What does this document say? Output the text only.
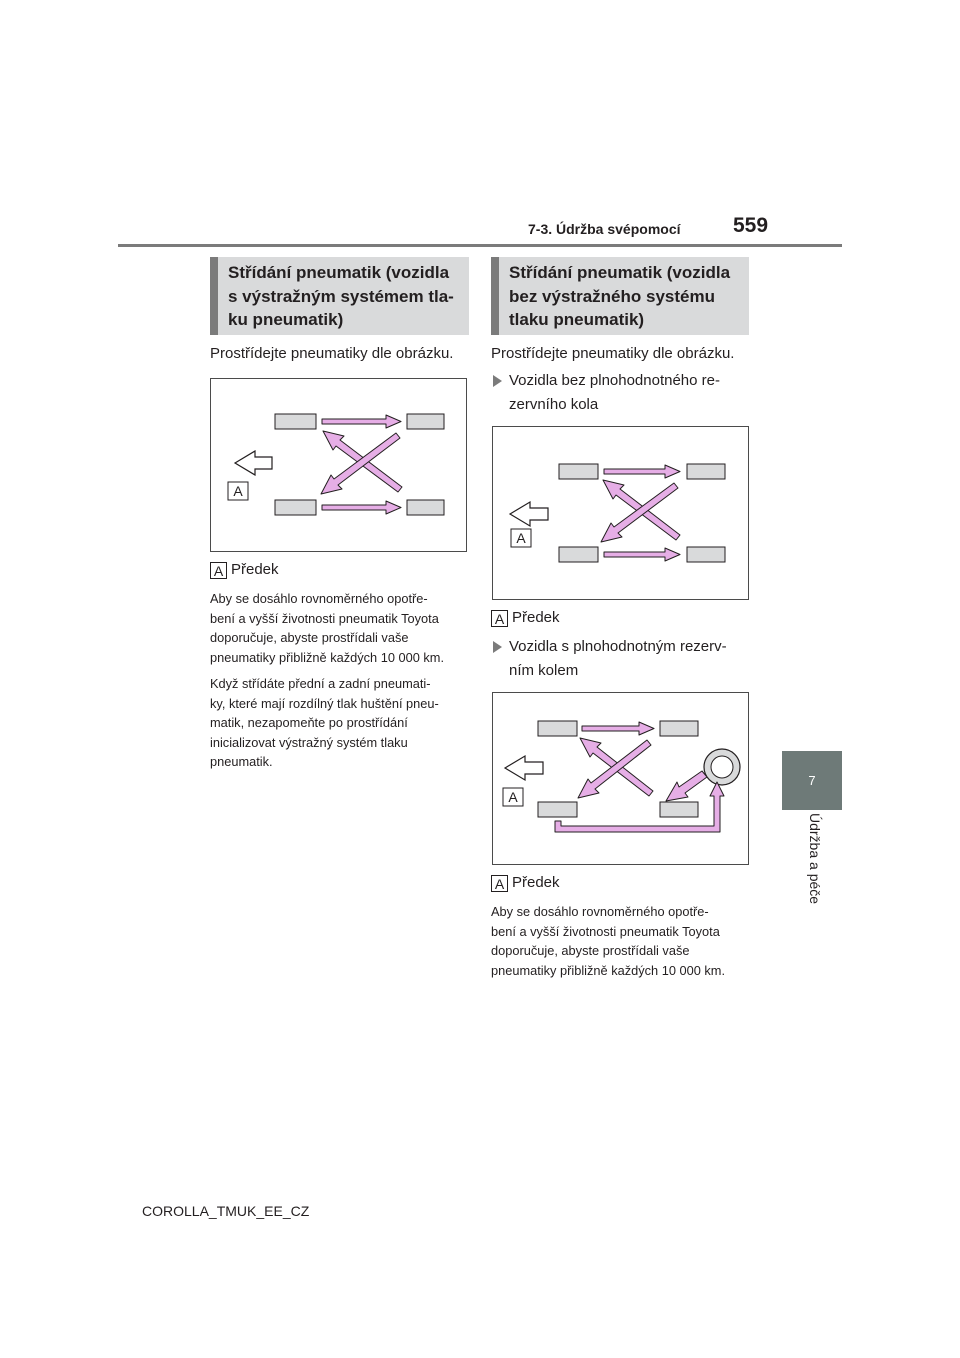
7-3. Údržba svépomocí	559
7
Údržba a péče
Střídání pneumatik (vozidla
s výstražným systémem tla-
ku pneumatik)
Prostřídejte pneumatiky dle obrázku.
A
A Předek
Aby se dosáhlo rovnoměrného opotře-
bení a vyšší životnosti pneumatik Toyota
doporučuje, abyste prostřídali vaše
pneumatiky přibližně každých 10 000 km.
Když střídáte přední a zadní pneumati-
ky, které mají rozdílný tlak huštění pneu-
matik, nezapomeňte po prostřídání
inicializovat výstražný systém tlaku
pneumatik.
Střídání pneumatik (vozidla
bez výstražného systému
tlaku pneumatik)
Prostřídejte pneumatiky dle obrázku.
Vozidla bez plnohodnotného re-
zervního kola
A
A Předek
Vozidla s plnohodnotným rezerv-
ním kolem
A
A Předek
Aby se dosáhlo rovnoměrného opotře-
bení a vyšší životnosti pneumatik Toyota
doporučuje, abyste prostřídali vaše
pneumatiky přibližně každých 10 000 km.
COROLLA_TMUK_EE_CZ
